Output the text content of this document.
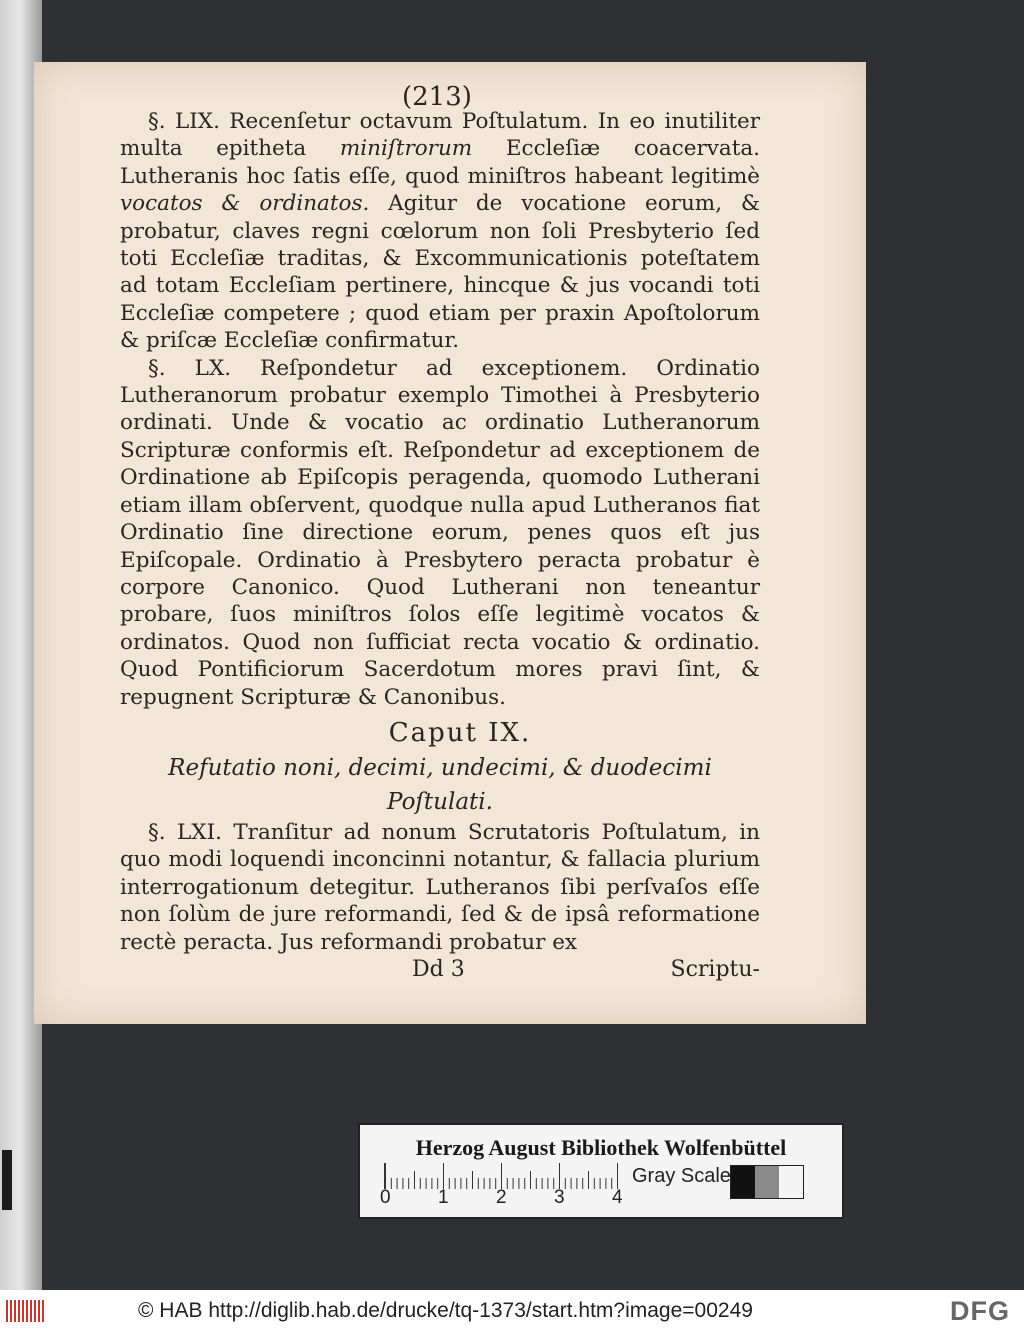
(213)

§. LIX. Recenſetur octavum Poſtulatum. In eo inutiliter multa epitheta miniſtrorum Eccleſiæ coacervata. Lutheranis hoc ſatis eſſe, quod miniſtros habeant legitimè vocatos & ordinatos. Agitur de vocatione eorum, & probatur, claves regni cœlorum non ſoli Presbyterio ſed toti Eccleſiæ traditas, & Excommunicationis poteſtatem ad totam Eccleſiam pertinere, hincque & jus vocandi toti Eccleſiæ competere ; quod etiam per praxin Apoſtolorum & priſcæ Eccleſiæ confirmatur.

§. LX. Reſpondetur ad exceptionem. Ordinatio Lutheranorum probatur exemplo Timothei à Presbyterio ordinati. Unde & vocatio ac ordinatio Lutheranorum Scripturæ conformis eſt. Reſpondetur ad exceptionem de Ordinatione ab Epiſcopis peragenda, quomodo Lutherani etiam illam obſervent, quodque nulla apud Lutheranos fiat Ordinatio ſine directione eorum, penes quos eſt jus Epiſcopale. Ordinatio à Presbytero peracta probatur è corpore Canonico. Quod Lutherani non teneantur probare, ſuos miniſtros ſolos eſſe legitimè vocatos & ordinatos. Quod non ſufficiat recta vocatio & ordinatio. Quod Pontificiorum Sacerdotum mores pravi ſint, & repugnent Scripturæ & Canonibus.

Caput IX.
Refutatio noni, decimi, undecimi, & duodecimi Poſtulati.

§. LXI. Tranſitur ad nonum Scrutatoris Poſtulatum, in quo modi loquendi inconcinni notantur, & fallacia plurium interrogationum detegitur. Lutheranos ſibi perſvaſos eſſe non ſolùm de jure reformandi, ſed & de ipsâ reformatione rectè peracta. Jus reformandi probatur ex

Dd 3	Scriptu-
Herzog August Bibliothek Wolfenbüttel
Gray Scale
0 1 2 3 4
© HAB http://diglib.hab.de/drucke/tq-1373/start.htm?image=00249	DFG
